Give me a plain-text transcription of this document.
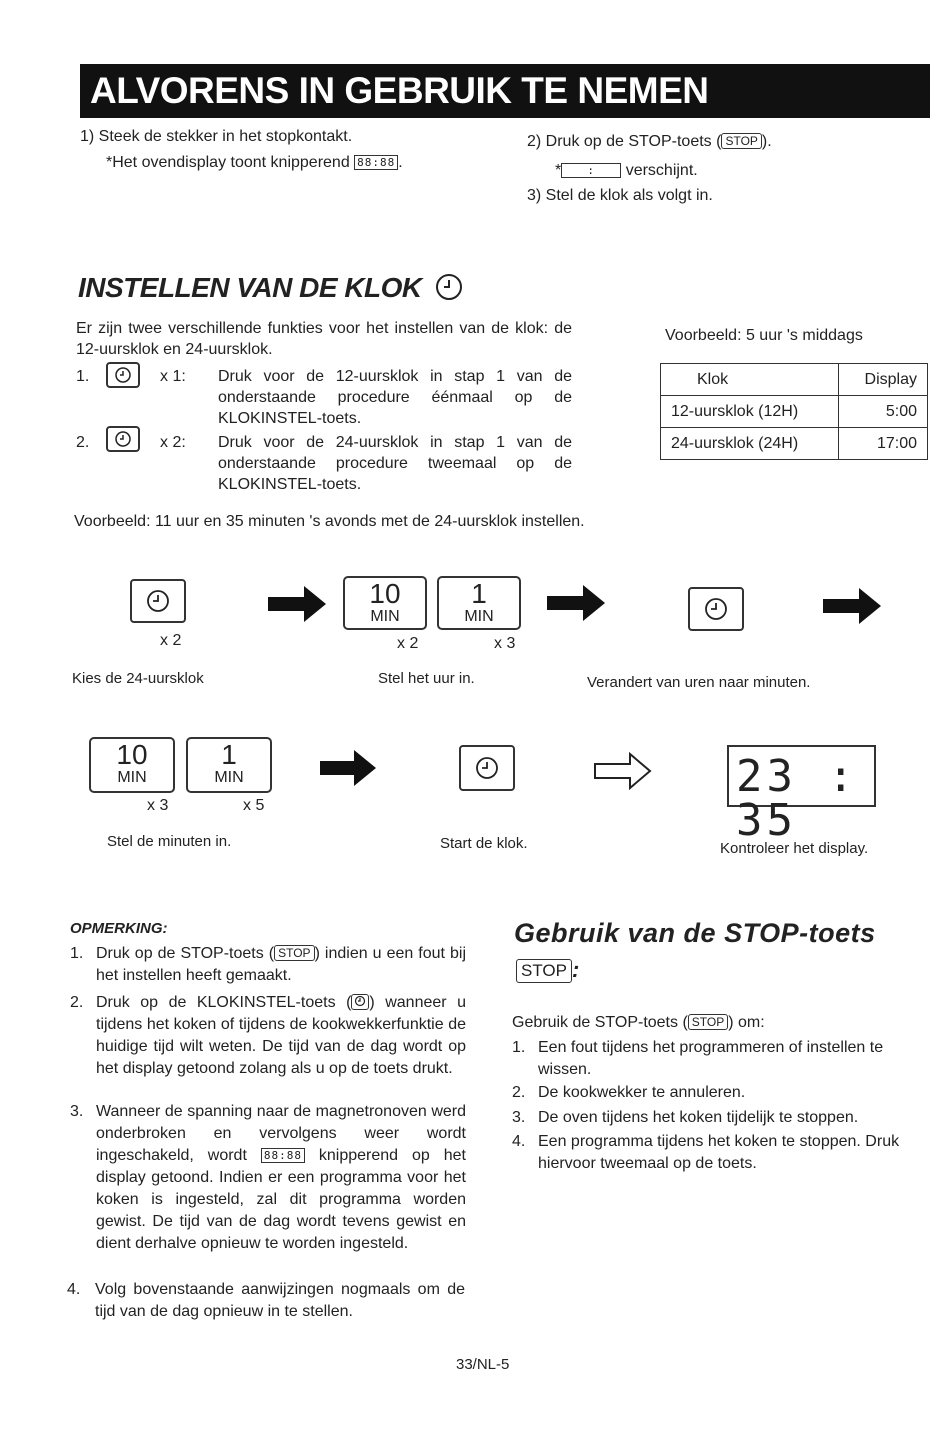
ALVORENS IN GEBRUIK TE NEMEN
1) Steek de stekker in het stopkontakt.
*Het ovendisplay toont knipperend 88:88 .
2) Druk op de STOP-toets ( STOP ).
* : verschijnt.
3) Stel de klok als volgt in.
INSTELLEN VAN DE KLOK
Er zijn twee verschillende funkties voor het instellen van de klok: de 12-uursklok en 24-uursklok.
1.	x 1: Druk voor de 12-uursklok in stap 1 van de onderstaande procedure éénmaal op de KLOKINSTEL-toets.
2.	x 2: Druk voor de 24-uursklok in stap 1 van de onderstaande procedure tweemaal op de KLOKINSTEL-toets.
Voorbeeld: 5 uur 's middags
Klok	Display
12-uursklok (12H)	5:00
24-uursklok (24H)	17:00
Voorbeeld: 11 uur en 35 minuten 's avonds met de 24-uursklok instellen.
x 2
Kies de 24-uursklok
10
MIN
1
MIN
x 2	x 3
Stel het uur in.	Verandert van uren naar minuten.
10
MIN
1
MIN
x 3	x 5
Stel de minuten in.	Start de klok.
23 : 35
Kontroleer het display.
OPMERKING:
1. Druk op de STOP-toets ( STOP ) indien u een fout bij het instellen heeft gemaakt.
2. Druk op de KLOKINSTEL-toets ( ) wanneer u tijdens het koken of tijdens de kookwekkerfunktie de huidige tijd wilt weten. De tijd van de dag wordt op het display getoond zolang als u op de toets drukt.
3. Wanneer de spanning naar de magnetronoven werd onderbroken en vervolgens weer wordt ingeschakeld, wordt 88:88 knipperend op het display getoond. Indien er een programma voor het koken is ingesteld, zal dit programma worden gewist. De tijd van de dag wordt tevens gewist en dient derhalve opnieuw te worden ingesteld.
4. Volg bovenstaande aanwijzingen nogmaals om de tijd van de dag opnieuw in te stellen.
Gebruik van de STOP-toets
STOP :
Gebruik de STOP-toets ( STOP ) om:
1. Een fout tijdens het programmeren of instellen te wissen.
2. De kookwekker te annuleren.
3. De oven tijdens het koken tijdelijk te stoppen.
4. Een programma tijdens het koken te stoppen. Druk hiervoor tweemaal op de toets.
33/NL-5
